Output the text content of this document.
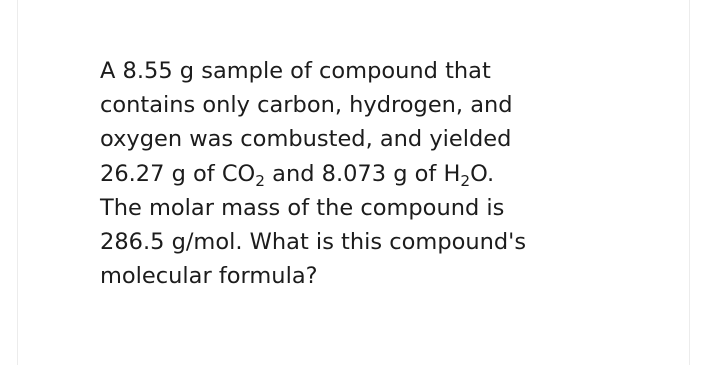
A 8.55 g sample of compound that
contains only carbon, hydrogen, and
oxygen was combusted, and yielded
26.27 g of $CO_2$ and 8.073 g of $H_2O$.
The molar mass of the compound is
286.5 g/mol. What is this compound's
molecular formula?
